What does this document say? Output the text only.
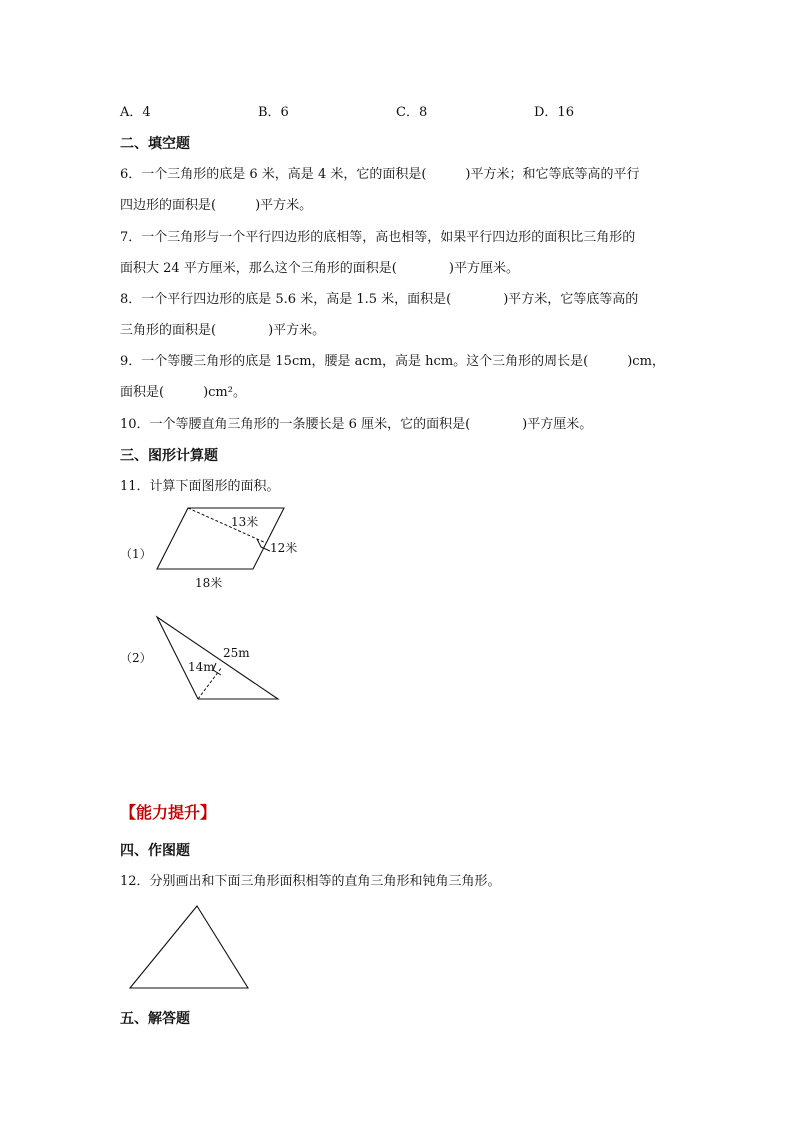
A．4	B．6	C．8	D．16
二、填空题
6．一个三角形的底是 6 米，高是 4 米，它的面积是(　　　)平方米；和它等底等高的平行
四边形的面积是(　　　)平方米。
7．一个三角形与一个平行四边形的底相等，高也相等，如果平行四边形的面积比三角形的
面积大 24 平方厘米，那么这个三角形的面积是(　　　　)平方厘米。
8．一个平行四边形的底是 5.6 米，高是 1.5 米，面积是(　　　　)平方米，它等底等高的
三角形的面积是(　　　　)平方米。
9．一个等腰三角形的底是 15cm，腰是 acm，高是 hcm。这个三角形的周长是(　　　)cm，
面积是(　　　)cm²。
10．一个等腰直角三角形的一条腰长是 6 厘米，它的面积是(　　　　)平方厘米。
三、图形计算题
11．计算下面图形的面积。
（1）
13米
12米
18米
（2）	25m
14m
【能力提升】
四、作图题
12．分别画出和下面三角形面积相等的直角三角形和钝角三角形。
五、解答题
